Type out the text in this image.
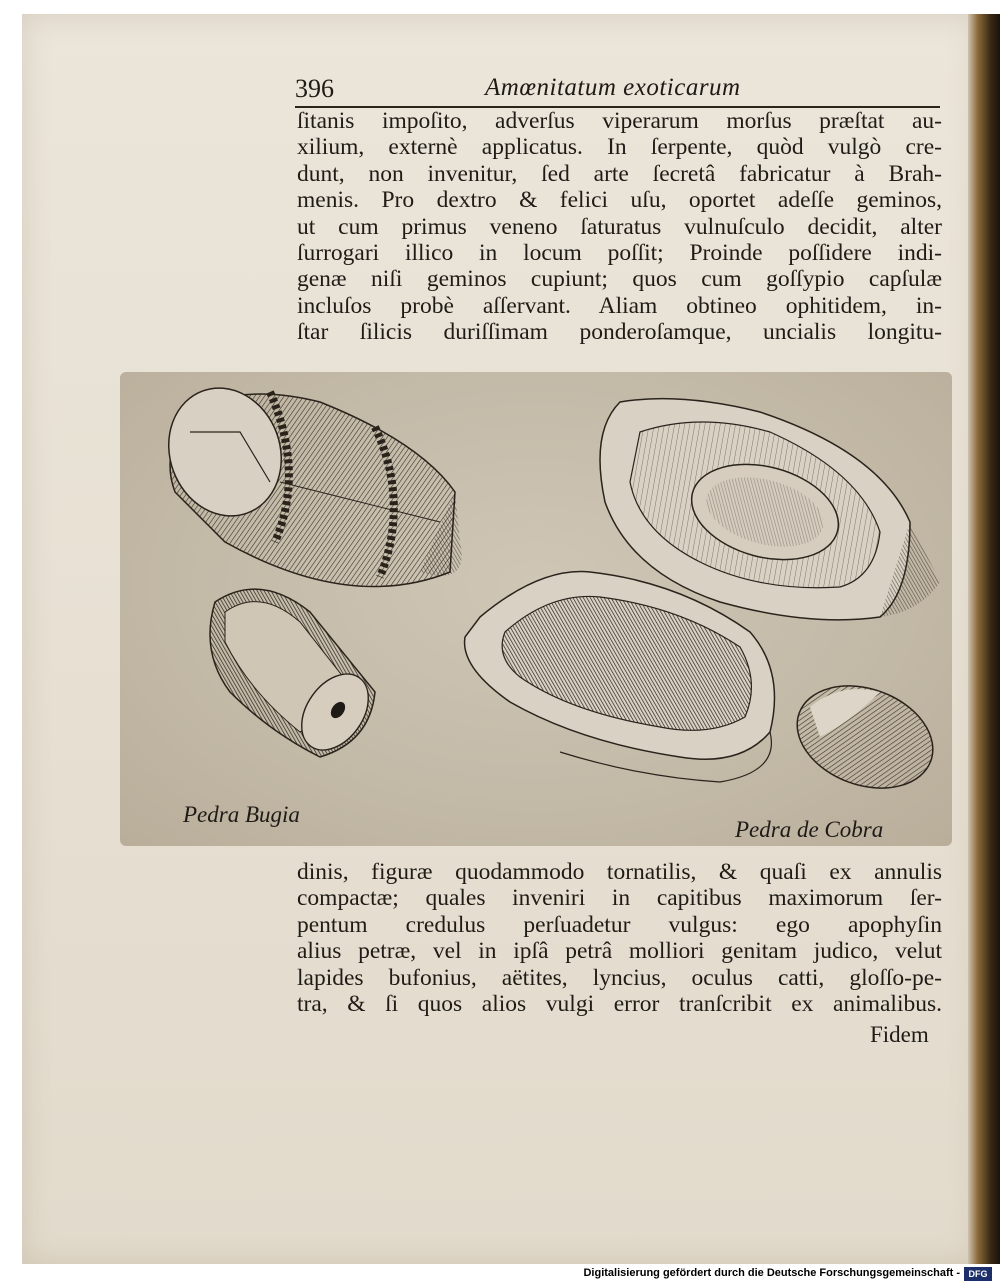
396	Amœnitatum exoticarum
ſitanis impoſito, adverſus viperarum morſus præſtat au-
xilium, externè applicatus. In ſerpente, quòd vulgò cre-
dunt, non invenitur, ſed arte ſecretâ fabricatur à Brah-
menis. Pro dextro & felici uſu, oportet adeſſe geminos,
ut cum primus veneno ſaturatus vulnuſculo decidit, alter
ſurrogari illico in locum poſſit; Proinde poſſidere indi-
genæ niſi geminos cupiunt; quos cum goſſypio capſulæ
incluſos probè aſſervant. Aliam obtineo ophitidem, in-
ſtar ſilicis duriſſimam ponderoſamque, uncialis longitu-
Pedra Bugia
Pedra de Cobra
dinis, figuræ quodammodo tornatilis, & quaſi ex annulis
compactæ; quales inveniri in capitibus maximorum ſer-
pentum credulus perſuadetur vulgus: ego apophyſin
alius petræ, vel in ipſâ petrâ molliori genitam judico, velut
lapides bufonius, aëtites, lyncius, oculus catti, gloſſo-pe-
tra, & ſi quos alios vulgi error tranſcribit ex animalibus.
Fidem
Digitalisierung gefördert durch die Deutsche Forschungsgemeinschaft - DFG
